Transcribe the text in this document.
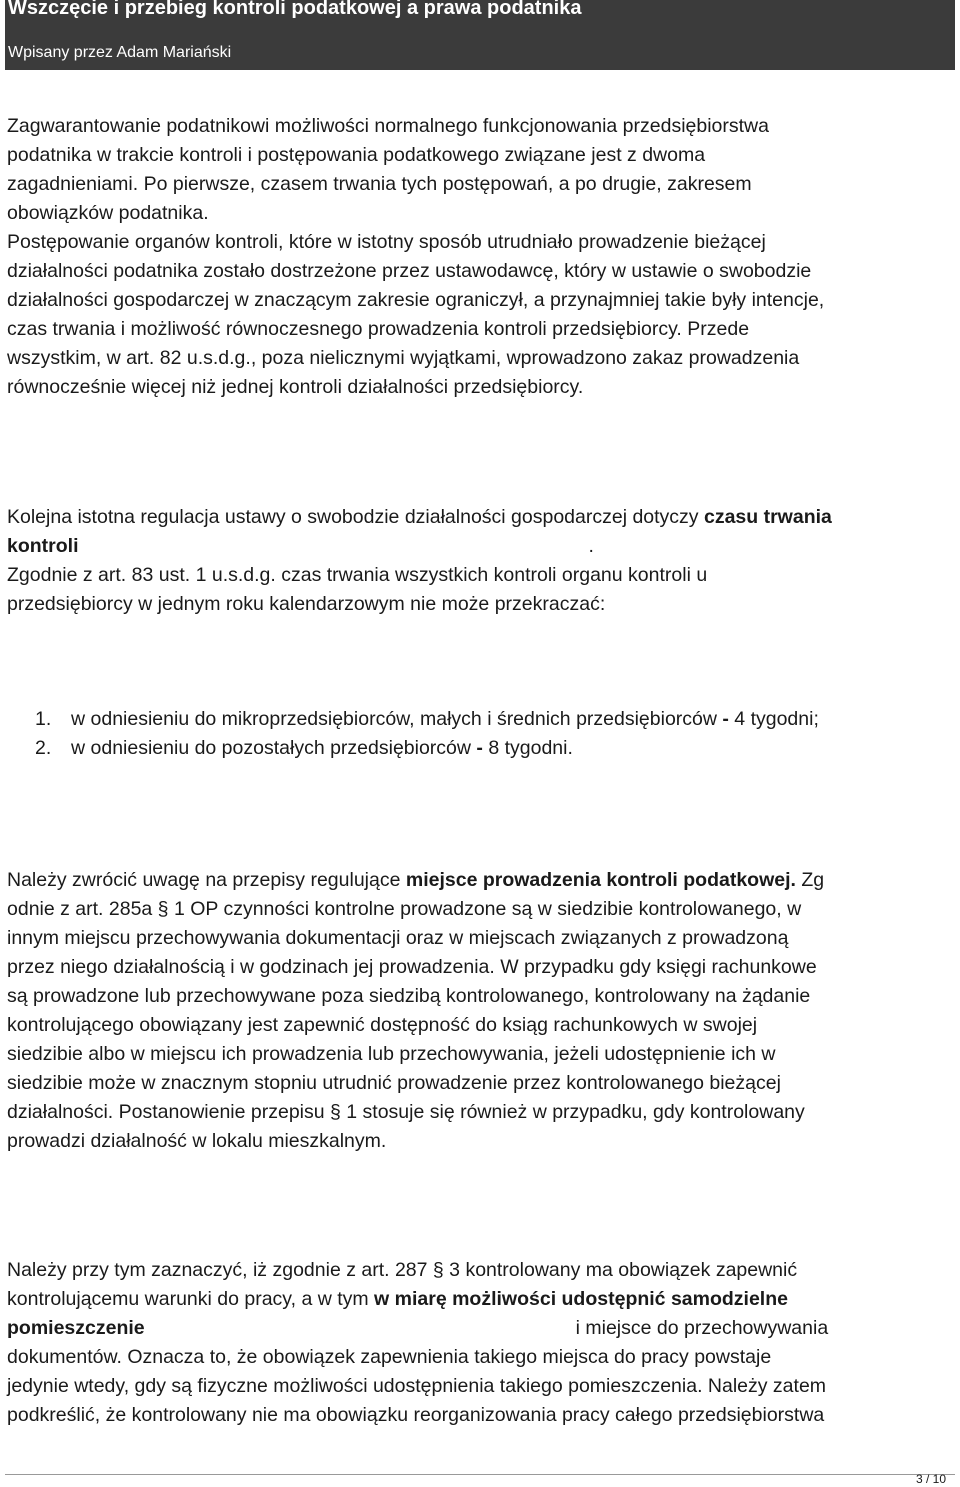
Wszczęcie i przebieg kontroli podatkowej a prawa podatnika
Wpisany przez Adam Mariański

Zagwarantowanie podatnikowi możliwości normalnego funkcjonowania przedsiębiorstwa

podatnika w trakcie kontroli i postępowania podatkowego związane jest z dwoma

zagadnieniami. Po pierwsze, czasem trwania tych postępowań, a po drugie, zakresem

obowiązków podatnika.

Postępowanie organów kontroli, które w istotny sposób utrudniało prowadzenie bieżącej

działalności podatnika zostało dostrzeżone przez ustawodawcę, który w ustawie o swobodzie

działalności gospodarczej w znaczącym zakresie ograniczył, a przynajmniej takie były intencje,

czas trwania i możliwość równoczesnego prowadzenia kontroli przedsiębiorcy. Przede

wszystkim, w art. 82 u.s.d.g., poza nielicznymi wyjątkami, wprowadzono zakaz prowadzenia

równocześnie więcej niż jednej kontroli działalności przedsiębiorcy.

Kolejna istotna regulacja ustawy o swobodzie działalności gospodarczej dotyczy czasu trwania

kontroli	.

Zgodnie z art. 83 ust. 1 u.s.d.g. czas trwania wszystkich kontroli organu kontroli u

przedsiębiorcy w jednym roku kalendarzowym nie może przekraczać:

1. w odniesieniu do mikroprzedsiębiorców, małych i średnich przedsiębiorców - 4 tygodni;
2. w odniesieniu do pozostałych przedsiębiorców - 8 tygodni.

Należy zwrócić uwagę na przepisy regulujące miejsce prowadzenia kontroli podatkowej. Zg

odnie z art. 285a § 1 OP czynności kontrolne prowadzone są w siedzibie kontrolowanego, w

innym miejscu przechowywania dokumentacji oraz w miejscach związanych z prowadzoną

przez niego działalnością i w godzinach jej prowadzenia. W przypadku gdy księgi rachunkowe

są prowadzone lub przechowywane poza siedzibą kontrolowanego, kontrolowany na żądanie

kontrolującego obowiązany jest zapewnić dostępność do ksiąg rachunkowych w swojej

siedzibie albo w miejscu ich prowadzenia lub przechowywania, jeżeli udostępnienie ich w

siedzibie może w znacznym stopniu utrudnić prowadzenie przez kontrolowanego bieżącej

działalności. Postanowienie przepisu § 1 stosuje się również w przypadku, gdy kontrolowany

prowadzi działalność w lokalu mieszkalnym.

Należy przy tym zaznaczyć, iż zgodnie z art. 287 § 3 kontrolowany ma obowiązek zapewnić

kontrolującemu warunki do pracy, a w tym w miarę możliwości udostępnić samodzielne

pomieszczenie	i miejsce do przechowywania

dokumentów. Oznacza to, że obowiązek zapewnienia takiego miejsca do pracy powstaje

jedynie wtedy, gdy są fizyczne możliwości udostępnienia takiego pomieszczenia. Należy zatem

podkreślić, że kontrolowany nie ma obowiązku reorganizowania pracy całego przedsiębiorstwa

3 / 10
